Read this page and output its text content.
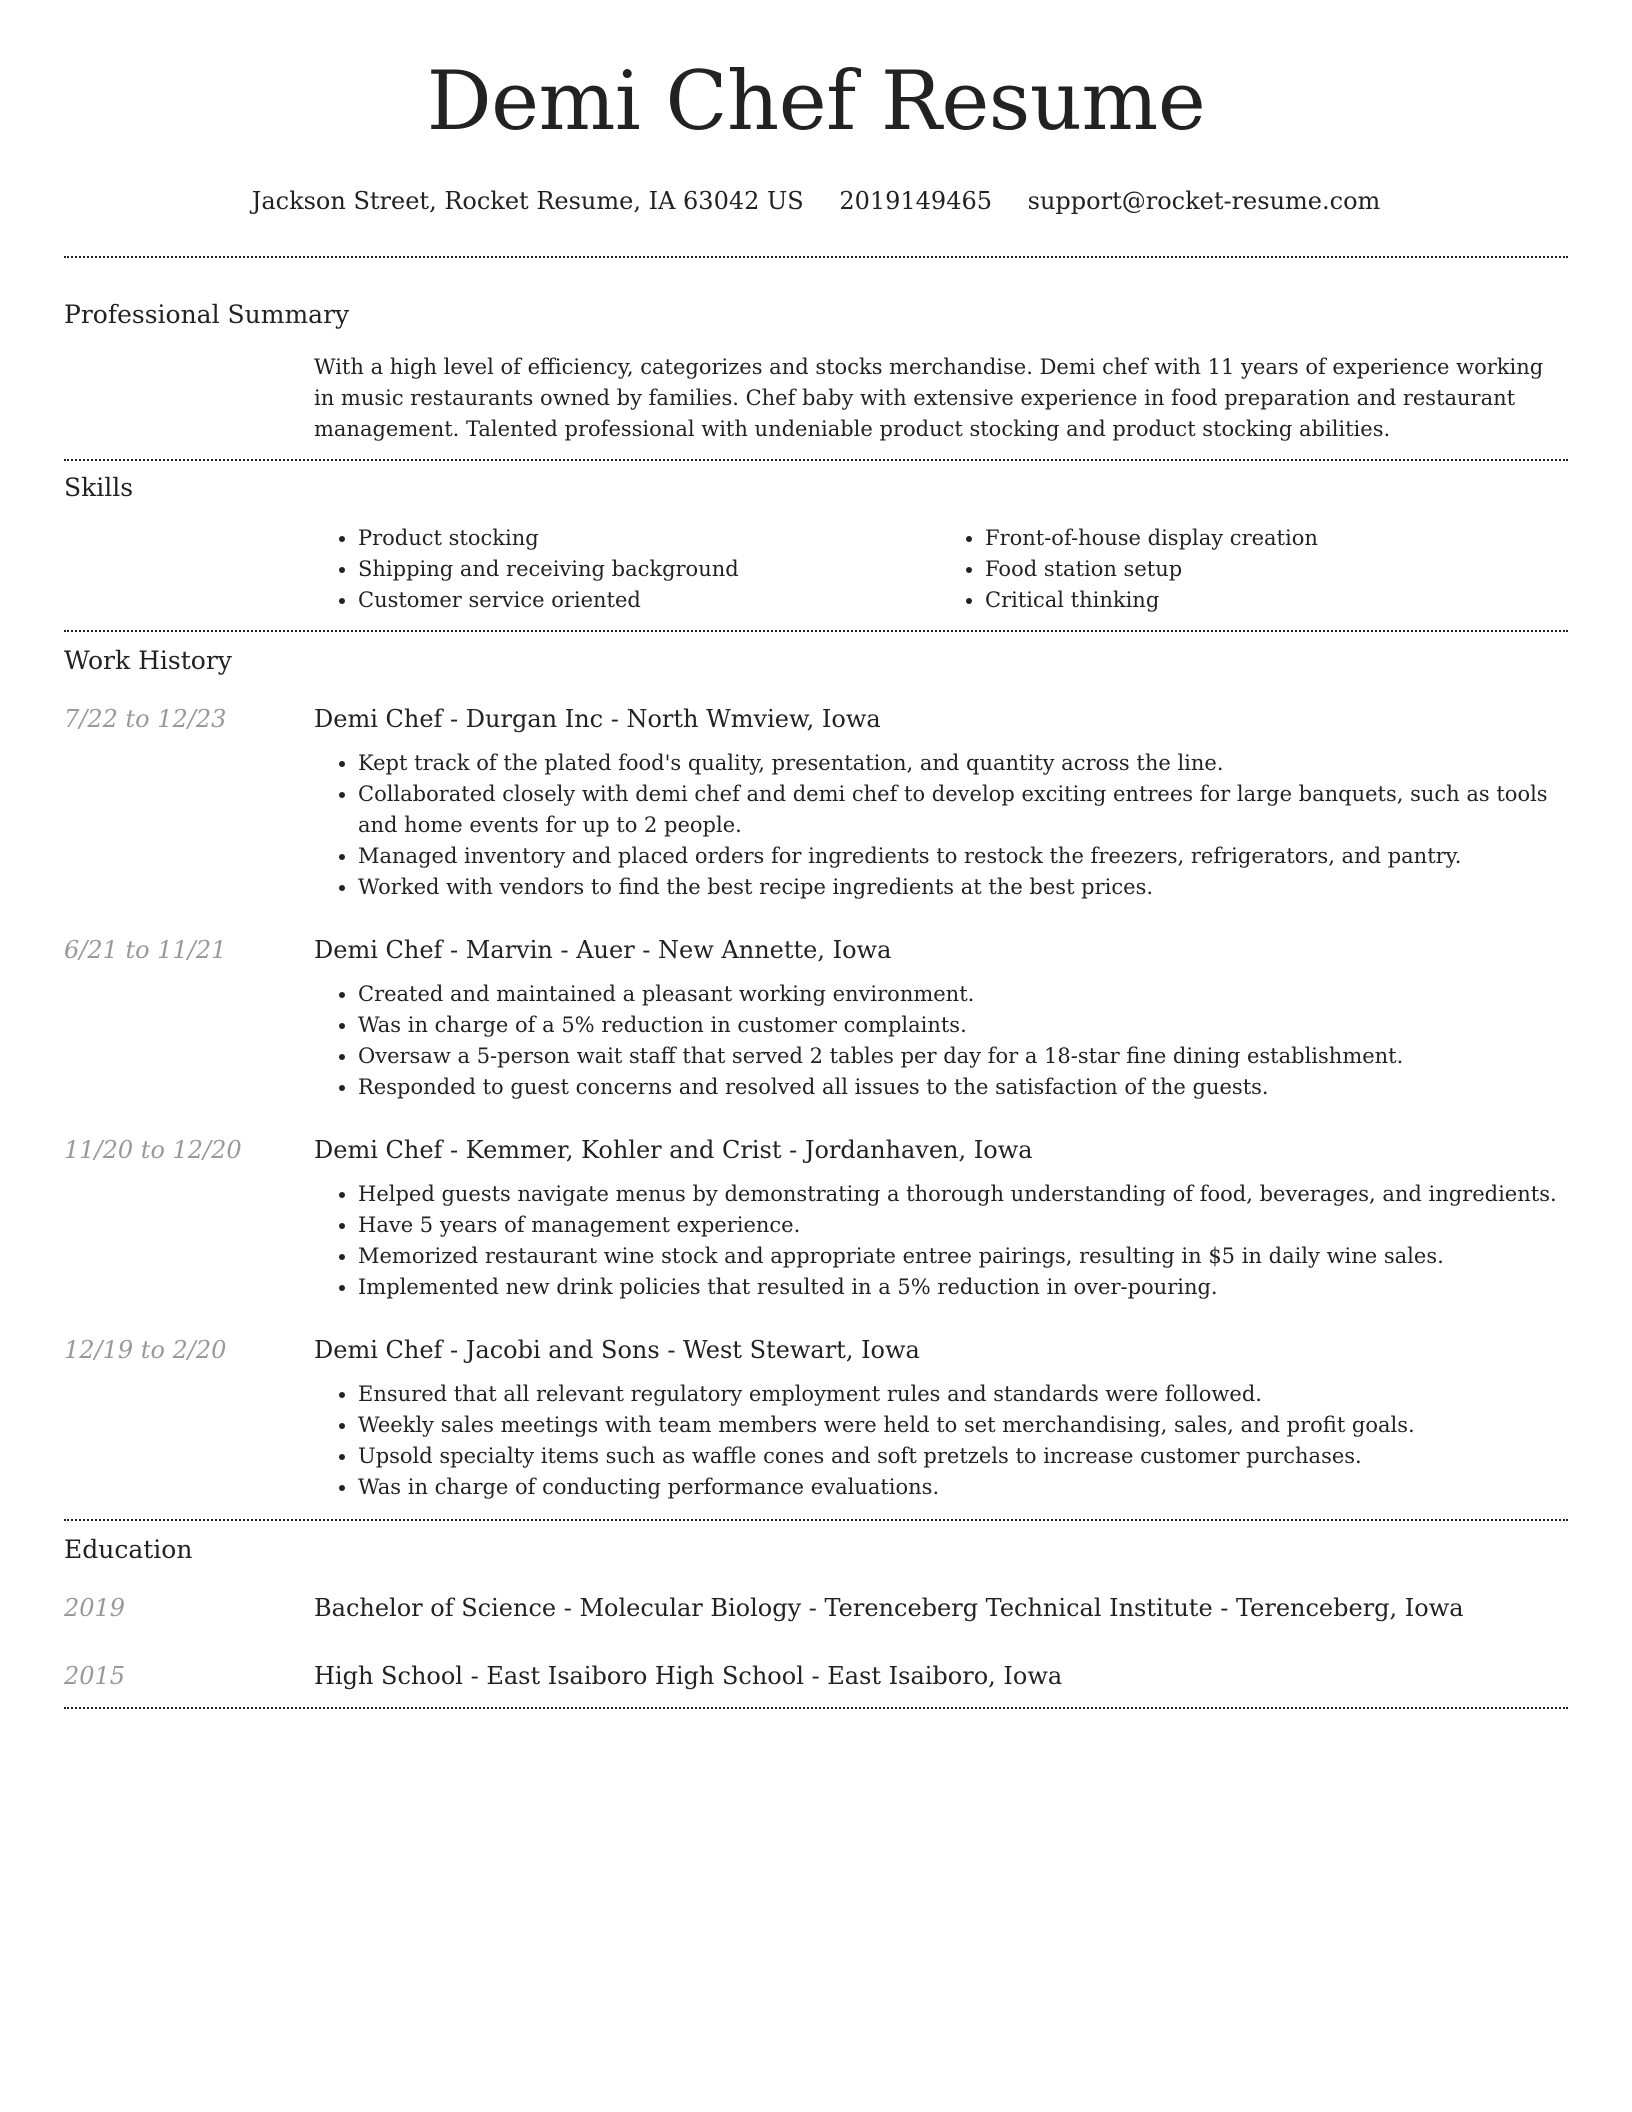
Demi Chef Resume
Jackson Street, Rocket Resume, IA 63042 US 2019149465 support@rocket-resume.com
Professional Summary
With a high level of efficiency, categorizes and stocks merchandise. Demi chef with 11 years of experience working in music restaurants owned by families. Chef baby with extensive experience in food preparation and restaurant management. Talented professional with undeniable product stocking and product stocking abilities.
Skills
• Product stocking
• Shipping and receiving background
• Customer service oriented
• Front-of-house display creation
• Food station setup
• Critical thinking
Work History
7/22 to 12/23	Demi Chef - Durgan Inc - North Wmview, Iowa
• Kept track of the plated food's quality, presentation, and quantity across the line.
• Collaborated closely with demi chef and demi chef to develop exciting entrees for large banquets, such as tools and home events for up to 2 people.
• Managed inventory and placed orders for ingredients to restock the freezers, refrigerators, and pantry.
• Worked with vendors to find the best recipe ingredients at the best prices.
6/21 to 11/21	Demi Chef - Marvin - Auer - New Annette, Iowa
• Created and maintained a pleasant working environment.
• Was in charge of a 5% reduction in customer complaints.
• Oversaw a 5-person wait staff that served 2 tables per day for a 18-star fine dining establishment.
• Responded to guest concerns and resolved all issues to the satisfaction of the guests.
11/20 to 12/20	Demi Chef - Kemmer, Kohler and Crist - Jordanhaven, Iowa
• Helped guests navigate menus by demonstrating a thorough understanding of food, beverages, and ingredients.
• Have 5 years of management experience.
• Memorized restaurant wine stock and appropriate entree pairings, resulting in $5 in daily wine sales.
• Implemented new drink policies that resulted in a 5% reduction in over-pouring.
12/19 to 2/20	Demi Chef - Jacobi and Sons - West Stewart, Iowa
• Ensured that all relevant regulatory employment rules and standards were followed.
• Weekly sales meetings with team members were held to set merchandising, sales, and profit goals.
• Upsold specialty items such as waffle cones and soft pretzels to increase customer purchases.
• Was in charge of conducting performance evaluations.
Education
2019	Bachelor of Science - Molecular Biology - Terenceberg Technical Institute - Terenceberg, Iowa
2015	High School - East Isaiboro High School - East Isaiboro, Iowa
